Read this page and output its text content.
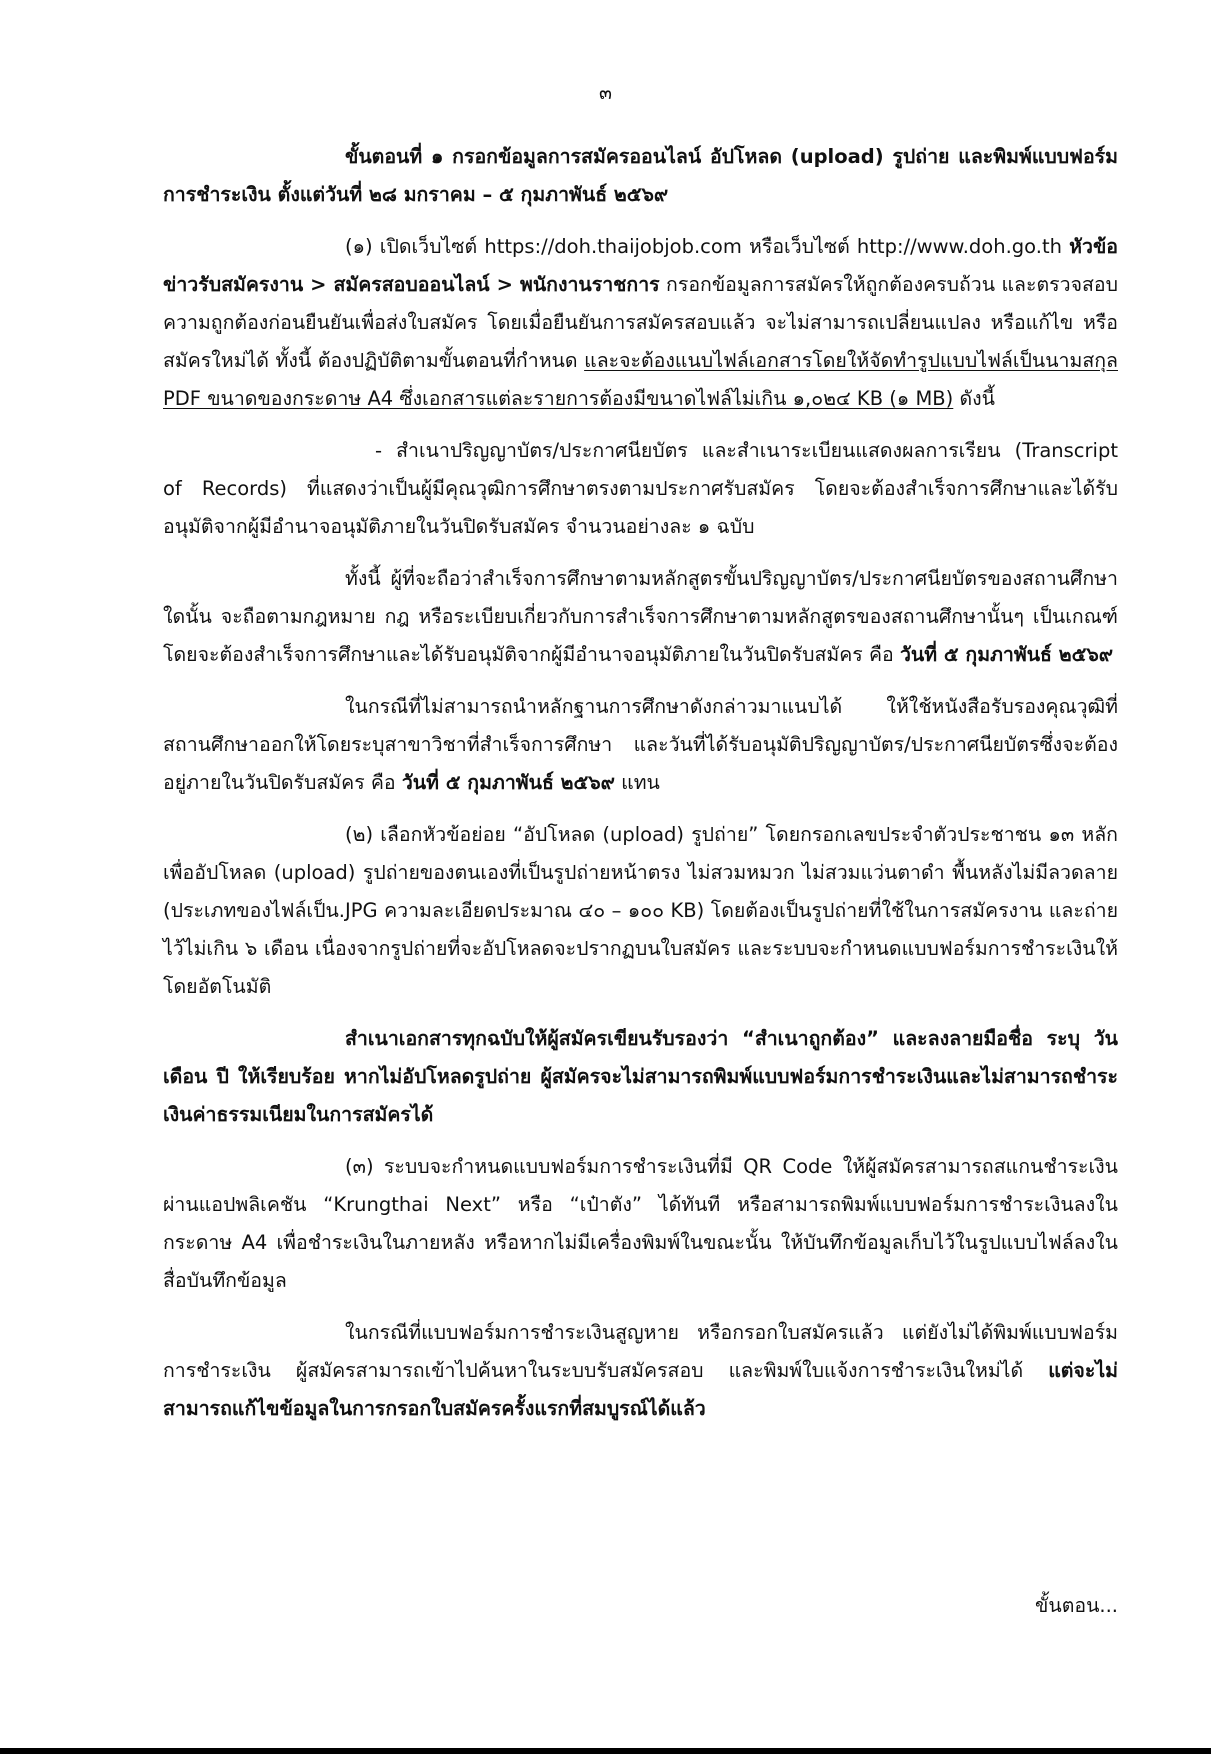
๓

ขั้นตอนที่ ๑ กรอกข้อมูลการสมัครออนไลน์ อัปโหลด (upload) รูปถ่าย และพิมพ์แบบฟอร์มการชำระเงิน ตั้งแต่วันที่ ๒๘ มกราคม – ๕ กุมภาพันธ์ ๒๕๖๙

(๑) เปิดเว็บไซต์ https://doh.thaijobjob.com หรือเว็บไซต์ http://www.doh.go.th หัวข้อ ข่าวรับสมัครงาน > สมัครสอบออนไลน์ > พนักงานราชการ กรอกข้อมูลการสมัครให้ถูกต้องครบถ้วน และตรวจสอบความถูกต้องก่อนยืนยันเพื่อส่งใบสมัคร โดยเมื่อยืนยันการสมัครสอบแล้ว จะไม่สามารถเปลี่ยนแปลง หรือแก้ไข หรือสมัครใหม่ได้ ทั้งนี้ ต้องปฏิบัติตามขั้นตอนที่กำหนด และจะต้องแนบไฟล์เอกสารโดยให้จัดทำรูปแบบไฟล์เป็นนามสกุล PDF ขนาดของกระดาษ A4 ซึ่งเอกสารแต่ละรายการต้องมีขนาดไฟล์ไม่เกิน ๑,๐๒๔ KB (๑ MB) ดังนี้

- สำเนาปริญญาบัตร/ประกาศนียบัตร และสำเนาระเบียนแสดงผลการเรียน (Transcript of Records) ที่แสดงว่าเป็นผู้มีคุณวุฒิการศึกษาตรงตามประกาศรับสมัคร โดยจะต้องสำเร็จการศึกษาและได้รับอนุมัติจากผู้มีอำนาจอนุมัติภายในวันปิดรับสมัคร จำนวนอย่างละ ๑ ฉบับ

ทั้งนี้ ผู้ที่จะถือว่าสำเร็จการศึกษาตามหลักสูตรขั้นปริญญาบัตร/ประกาศนียบัตรของสถานศึกษาใดนั้น จะถือตามกฎหมาย กฎ หรือระเบียบเกี่ยวกับการสำเร็จการศึกษาตามหลักสูตรของสถานศึกษานั้นๆ เป็นเกณฑ์ โดยจะต้องสำเร็จการศึกษาและได้รับอนุมัติจากผู้มีอำนาจอนุมัติภายในวันปิดรับสมัคร คือ วันที่ ๕ กุมภาพันธ์ ๒๕๖๙

ในกรณีที่ไม่สามารถนำหลักฐานการศึกษาดังกล่าวมาแนบได้ ให้ใช้หนังสือรับรองคุณวุฒิที่สถานศึกษาออกให้โดยระบุสาขาวิชาที่สำเร็จการศึกษา และวันที่ได้รับอนุมัติปริญญาบัตร/ประกาศนียบัตรซึ่งจะต้องอยู่ภายในวันปิดรับสมัคร คือ วันที่ ๕ กุมภาพันธ์ ๒๕๖๙ แทน

(๒) เลือกหัวข้อย่อย “อัปโหลด (upload) รูปถ่าย” โดยกรอกเลขประจำตัวประชาชน ๑๓ หลัก เพื่ออัปโหลด (upload) รูปถ่ายของตนเองที่เป็นรูปถ่ายหน้าตรง ไม่สวมหมวก ไม่สวมแว่นตาดำ พื้นหลังไม่มีลวดลาย (ประเภทของไฟล์เป็น.JPG ความละเอียดประมาณ ๔๐ – ๑๐๐ KB) โดยต้องเป็นรูปถ่ายที่ใช้ในการสมัครงาน และถ่ายไว้ไม่เกิน ๖ เดือน เนื่องจากรูปถ่ายที่จะอัปโหลดจะปรากฏบนใบสมัคร และระบบจะกำหนดแบบฟอร์มการชำระเงินให้โดยอัตโนมัติ

สำเนาเอกสารทุกฉบับให้ผู้สมัครเขียนรับรองว่า “สำเนาถูกต้อง” และลงลายมือชื่อ ระบุ วัน เดือน ปี ให้เรียบร้อย หากไม่อัปโหลดรูปถ่าย ผู้สมัครจะไม่สามารถพิมพ์แบบฟอร์มการชำระเงินและไม่สามารถชำระเงินค่าธรรมเนียมในการสมัครได้

(๓) ระบบจะกำหนดแบบฟอร์มการชำระเงินที่มี QR Code ให้ผู้สมัครสามารถสแกนชำระเงินผ่านแอปพลิเคชัน “Krungthai Next” หรือ “เป๋าตัง” ได้ทันที หรือสามารถพิมพ์แบบฟอร์มการชำระเงินลงในกระดาษ A4 เพื่อชำระเงินในภายหลัง หรือหากไม่มีเครื่องพิมพ์ในขณะนั้น ให้บันทึกข้อมูลเก็บไว้ในรูปแบบไฟล์ลงในสื่อบันทึกข้อมูล

ในกรณีที่แบบฟอร์มการชำระเงินสูญหาย หรือกรอกใบสมัครแล้ว แต่ยังไม่ได้พิมพ์แบบฟอร์มการชำระเงิน ผู้สมัครสามารถเข้าไปค้นหาในระบบรับสมัครสอบ และพิมพ์ใบแจ้งการชำระเงินใหม่ได้ แต่จะไม่สามารถแก้ไขข้อมูลในการกรอกใบสมัครครั้งแรกที่สมบูรณ์ได้แล้ว

ขั้นตอน...
